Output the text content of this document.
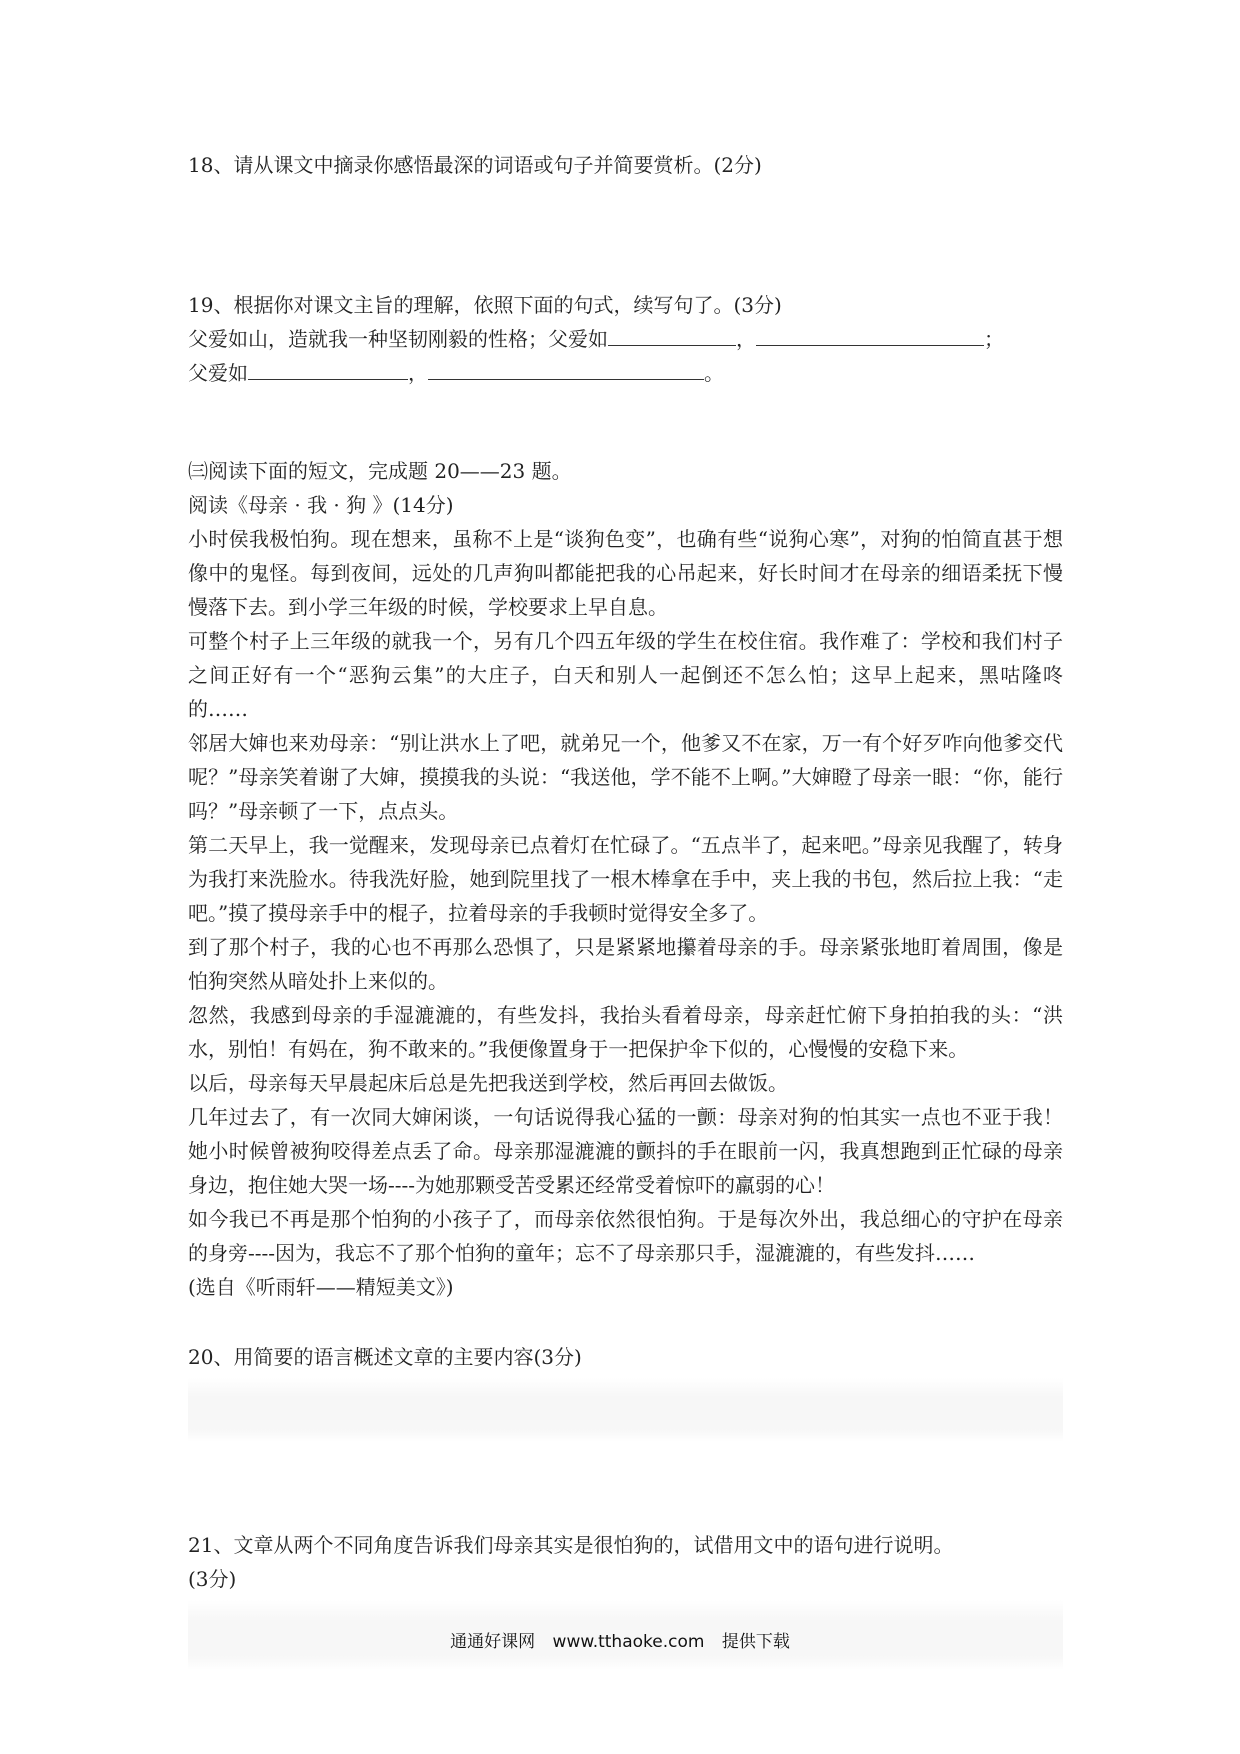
18、请从课文中摘录你感悟最深的词语或句子并简要赏析。(2分)
19、根据你对课文主旨的理解，依照下面的句式，续写句了。(3分)
父爱如山，造就我一种坚韧刚毅的性格；父爱如	，	；
父爱如	，	。
㈢阅读下面的短文，完成题 20——23 题。
阅读《母亲 · 我 · 狗 》(14分)

小时侯我极怕狗。现在想来，虽称不上是“谈狗色变”，也确有些“说狗心寒”，对狗的怕简直甚于想像中的鬼怪。每到夜间，远处的几声狗叫都能把我的心吊起来，好长时间才在母亲的细语柔抚下慢慢落下去。到小学三年级的时候，学校要求上早自息。

可整个村子上三年级的就我一个，另有几个四五年级的学生在校住宿。我作难了：学校和我们村子之间正好有一个“恶狗云集”的大庄子，白天和别人一起倒还不怎么怕；这早上起来，黑咕隆咚的……

邻居大婶也来劝母亲：“别让洪水上了吧，就弟兄一个，他爹又不在家，万一有个好歹咋向他爹交代呢？”母亲笑着谢了大婶，摸摸我的头说：“我送他，学不能不上啊。”大婶瞪了母亲一眼：“你，能行吗？”母亲顿了一下，点点头。

第二天早上，我一觉醒来，发现母亲已点着灯在忙碌了。“五点半了，起来吧。”母亲见我醒了，转身为我打来洗脸水。待我洗好脸，她到院里找了一根木棒拿在手中，夹上我的书包，然后拉上我：“走吧。”摸了摸母亲手中的棍子，拉着母亲的手我顿时觉得安全多了。

到了那个村子，我的心也不再那么恐惧了，只是紧紧地攥着母亲的手。母亲紧张地盯着周围，像是怕狗突然从暗处扑上来似的。

忽然，我感到母亲的手湿漉漉的，有些发抖，我抬头看着母亲，母亲赶忙俯下身拍拍我的头：“洪水，别怕！有妈在，狗不敢来的。”我便像置身于一把保护伞下似的，心慢慢的安稳下来。

以后，母亲每天早晨起床后总是先把我送到学校，然后再回去做饭。

几年过去了，有一次同大婶闲谈，一句话说得我心猛的一颤：母亲对狗的怕其实一点也不亚于我！她小时候曾被狗咬得差点丢了命。母亲那湿漉漉的颤抖的手在眼前一闪，我真想跑到正忙碌的母亲身边，抱住她大哭一场----为她那颗受苦受累还经常受着惊吓的羸弱的心！

如今我已不再是那个怕狗的小孩子了，而母亲依然很怕狗。于是每次外出，我总细心的守护在母亲的身旁----因为，我忘不了那个怕狗的童年；忘不了母亲那只手，湿漉漉的，有些发抖……

(选自《听雨轩——精短美文》)
20、用简要的语言概述文章的主要内容(3分)
21、文章从两个不同角度告诉我们母亲其实是很怕狗的，试借用文中的语句进行说明。
(3分)
通通好课网 www.tthaoke.com 提供下载
